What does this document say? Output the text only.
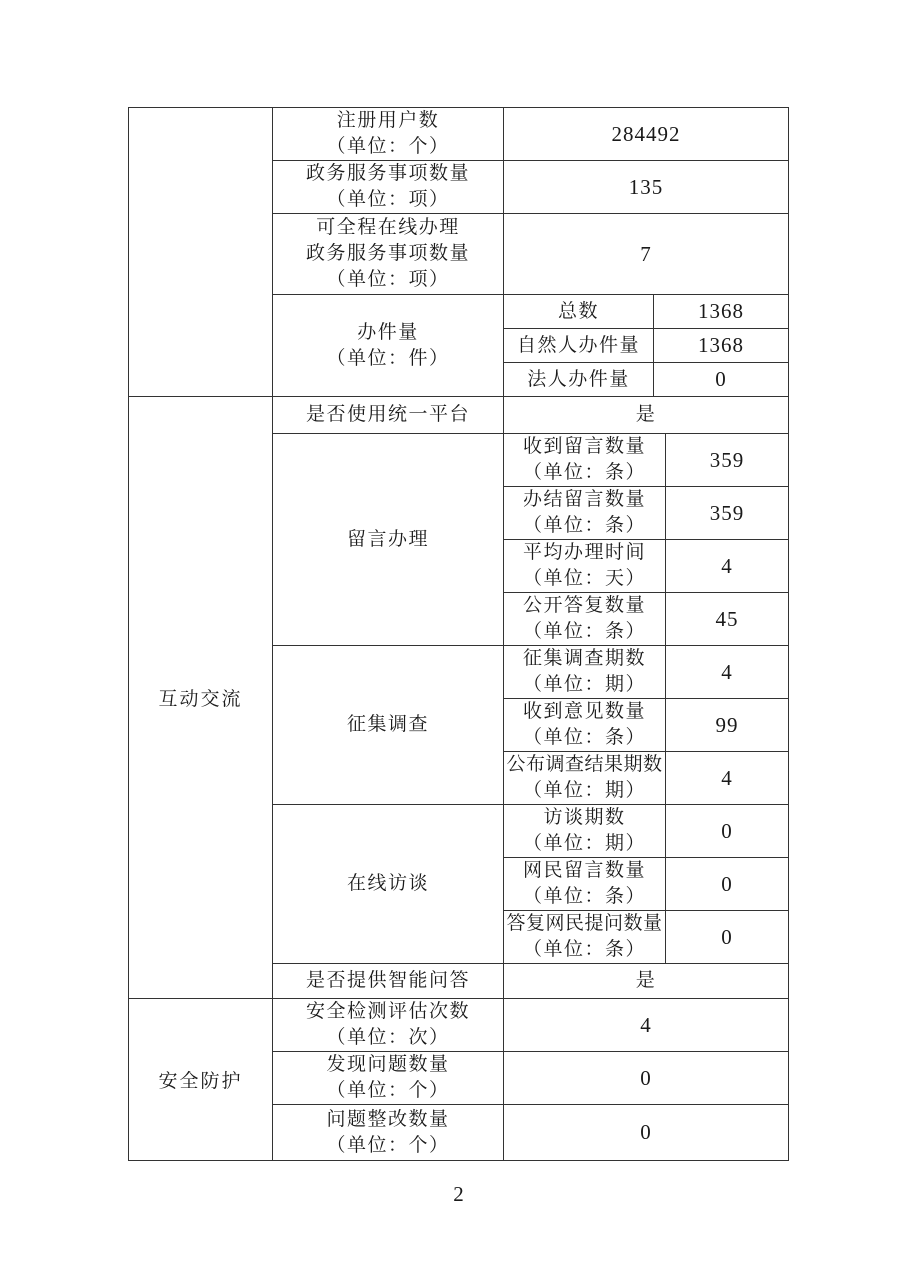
	注册用户数
（单位：个）	284492		

	政务服务事项数量
（单位：项）	135		

	可全程在线办理
政务服务事项数量
（单位：项）	7		

	办件量
（单位：件）	总数	1368	
		自然人办件量	1368	
		法人办件量	0	
互动交流	是否使用统一平台	是		
	留言办理	收到留言数量
（单位：条）		359

		办结留言数量
（单位：条）		359

		平均办理时间
（单位：天）		4

		公开答复数量
（单位：条）		45
	征集调查	征集调查期数
（单位：期）		4

		收到意见数量
（单位：条）		99

		公布调查结果期数
（单位：期）		4
	在线访谈	访谈期数
（单位：期）		0

		网民留言数量
（单位：条）		0

		答复网民提问数量
（单位：条）		0
	是否提供智能问答	是		
安全防护	安全检测评估次数
（单位：次）	4		

	发现问题数量
（单位：个）	0		

	问题整改数量
（单位：个）	0		
2
